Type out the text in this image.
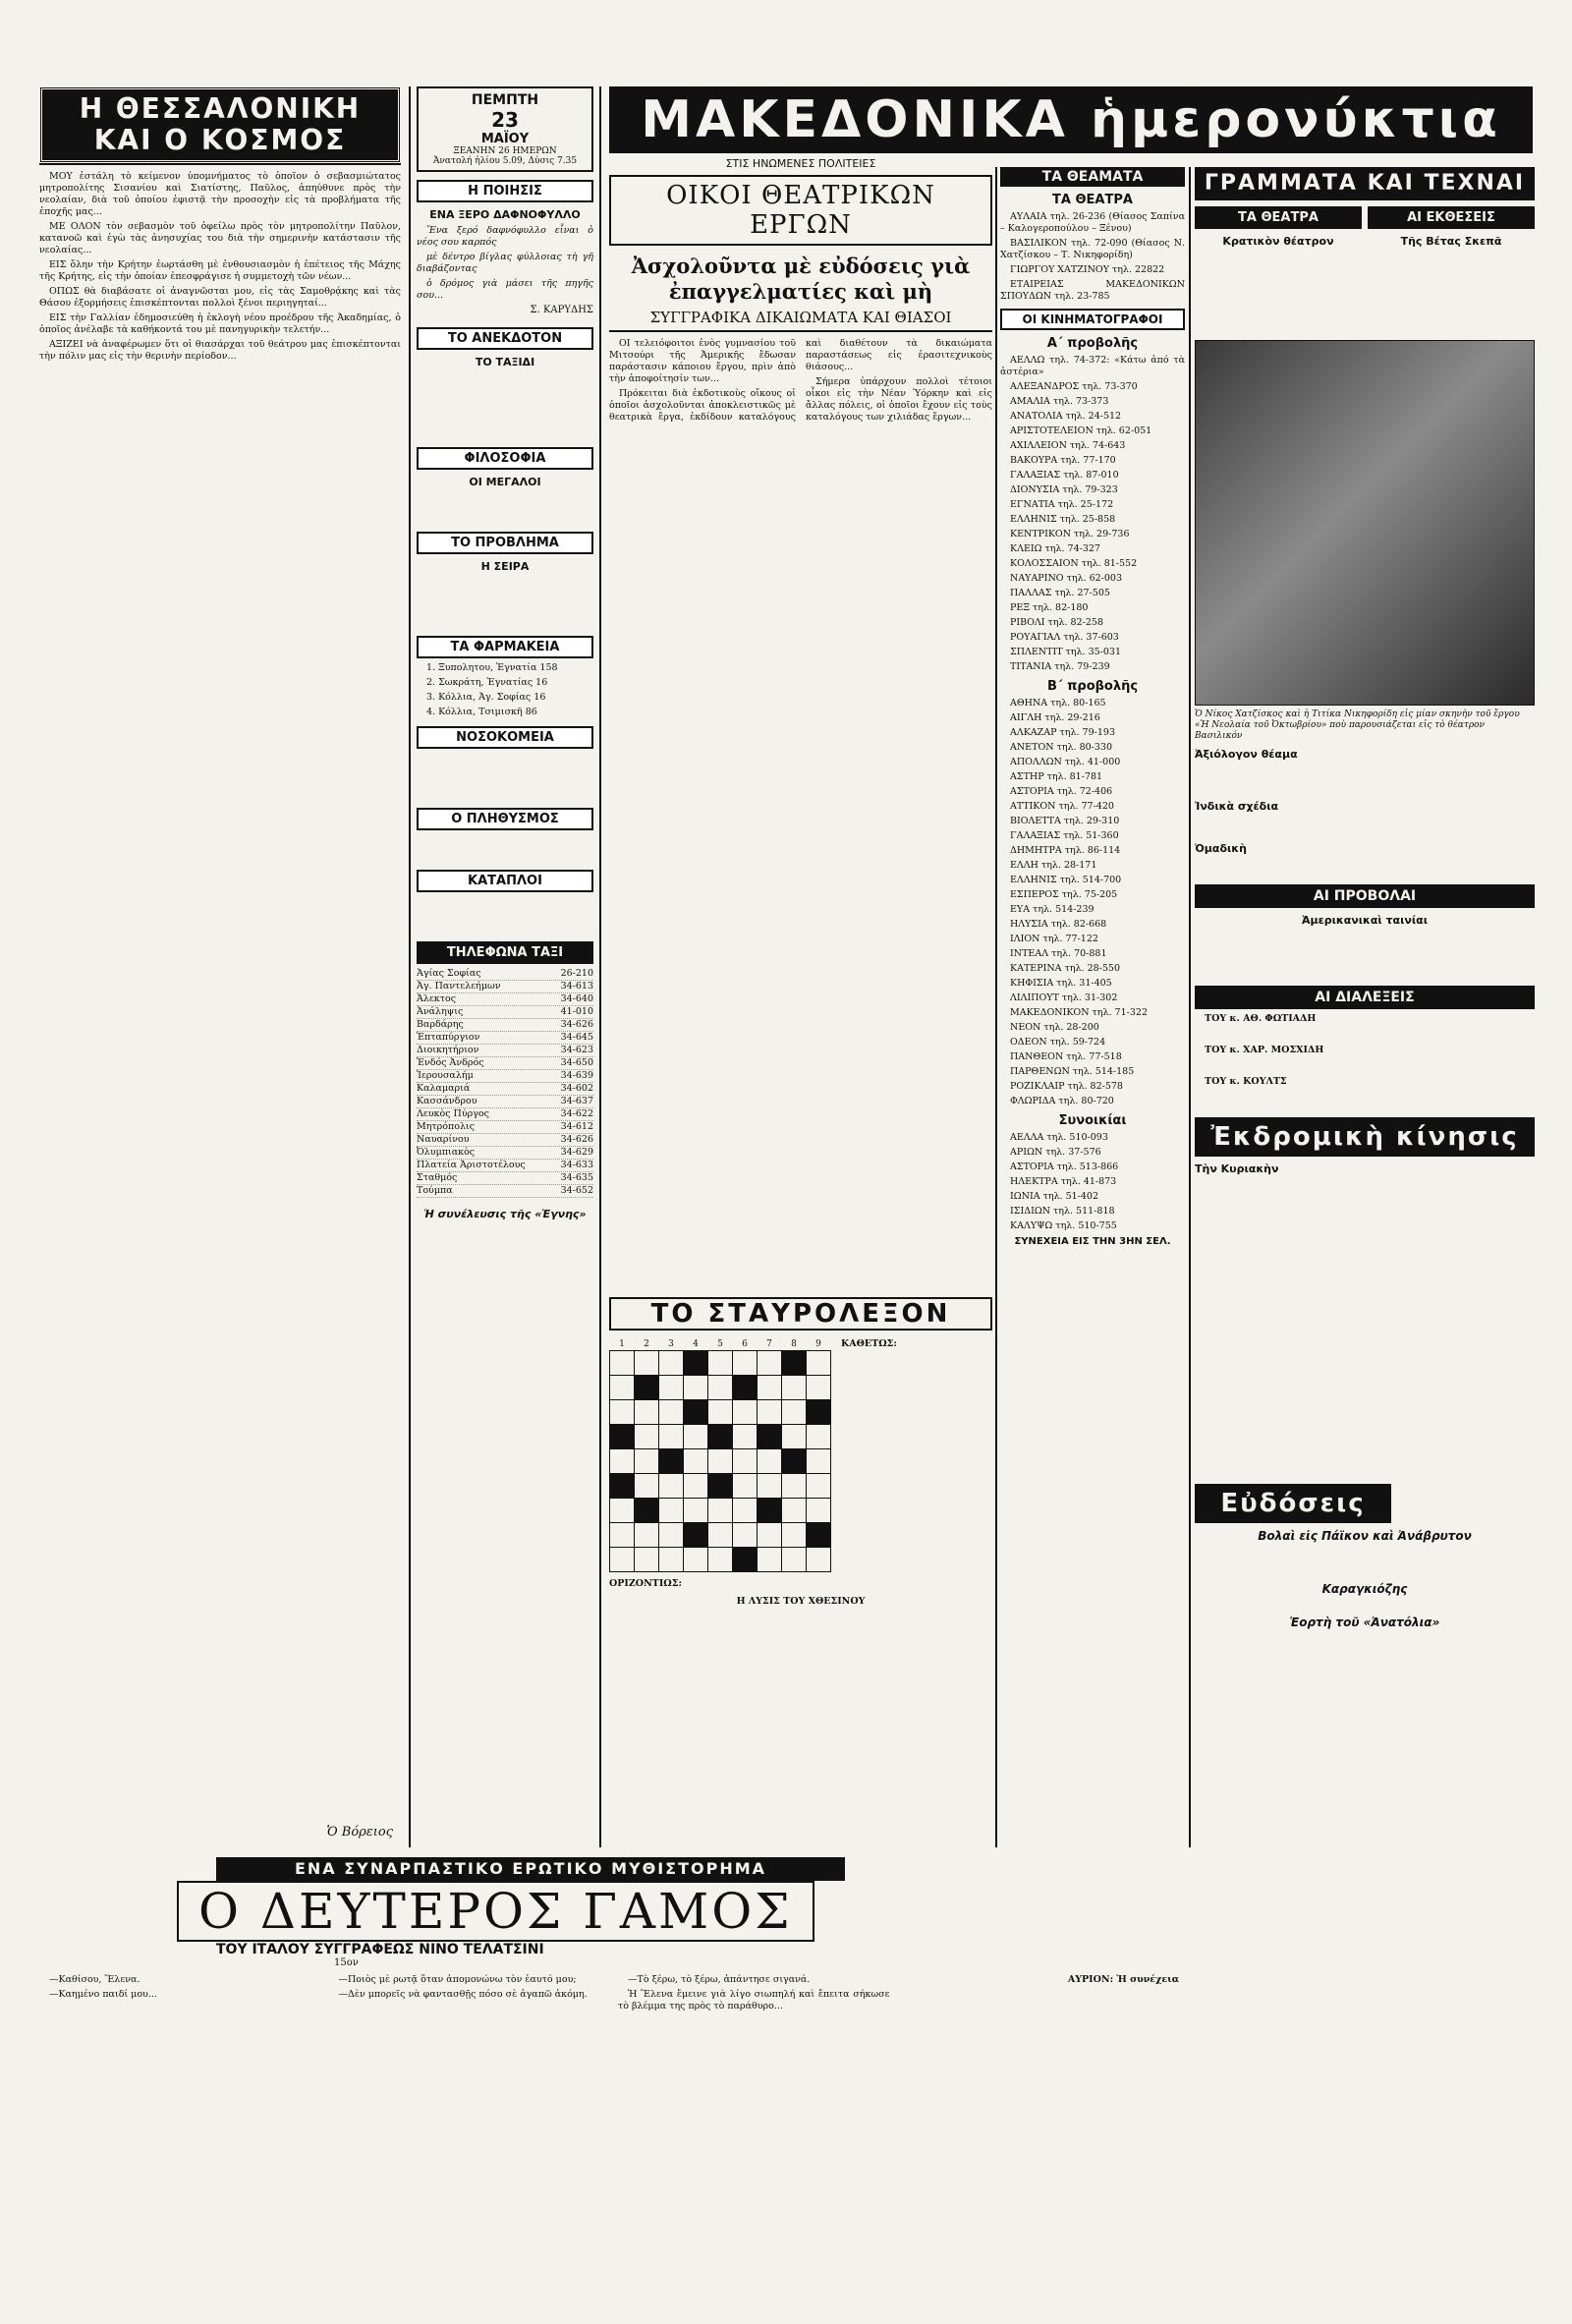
Η ΘΕΣΣΑΛΟΝΙΚΗ ΚΑΙ Ο ΚΟΣΜΟΣ

ΜΟΥ ἐστάλη τὸ κείμενον ὑπομνήματος τὸ ὁποῖον ὁ σεβασμιώτατος μητροπολίτης Σισανίου καὶ Σιατίστης, Παῦλος, ἀπηύθυνε πρὸς τὴν νεολαίαν, διὰ τοῦ ὁποίου ἐφιστᾷ τὴν προσοχὴν εἰς τὰ προβλήματα τῆς ἐποχῆς μας...

ΜΕ ΟΛΟΝ τὸν σεβασμὸν τοῦ ὀφείλω πρὸς τὸν μητροπολίτην Παῦλον, κατανοῶ καὶ ἐγὼ τὰς ἀνησυχίας του διὰ τὴν σημερινὴν κατάστασιν τῆς νεολαίας...

ΕΙΣ ὅλην τὴν Κρήτην ἑωρτάσθη μὲ ἐνθουσιασμὸν ἡ ἐπέτειος τῆς Μάχης τῆς Κρήτης, εἰς τὴν ὁποίαν ἐπεσφράγισε ἡ συμμετοχὴ τῶν νέων...

ΟΠΩΣ θὰ διαβάσατε οἱ ἀναγνῶσται μου, εἰς τὰς Σαμοθρᾴκης καὶ τὰς Θάσου ἐξορμήσεις ἐπισκέπτονται πολλοὶ ξένοι περιηγηταί...

ΕΙΣ τὴν Γαλλίαν ἐδημοσιεύθη ἡ ἐκλογὴ νέου προέδρου τῆς Ἀκαδημίας, ὁ ὁποῖος ἀνέλαβε τὰ καθήκοντά του μὲ πανηγυρικὴν τελετήν...

ΑΞΙΖΕΙ νὰ ἀναφέρωμεν ὅτι οἱ θιασάρχαι τοῦ θεάτρου μας ἐπισκέπτονται τὴν πόλιν μας εἰς τὴν θερινὴν περίοδον...

Ὁ Βόρειος
ΠΕΜΠΤΗ
23
ΜΑΪΟΥ
ΞΕΑΝΗΝ 26 ΗΜΕΡΩΝ
Ἀνατολή ἡλίου 5.09, Δύσις 7.35
Η ΠΟΙΗΣΙΣ
ΕΝΑ ΞΕΡΟ ΔΑΦΝΟΦΥΛΛΟ

Ἕνα ξερό δαφνόφυλλο εἶναι ὁ νέος σου καρπός

μὲ δέντρο βίγλας φύλλοιας τὴ γῆ διαβάζοντας

ὁ δρόμος γιὰ μάσει τῆς πηγῆς σου...

Σ. ΚΑΡΥΔΗΣ
ΤΟ ΑΝΕΚΔΟΤΟΝ
ΤΟ ΤΑΞΙΔΙ
ΦΙΛΟΣΟΦΙΑ
ΟΙ ΜΕΓΑΛΟΙ
ΤΟ ΠΡΟΒΛΗΜΑ
Η ΣΕΙΡΑ
ΤΑ ΦΑΡΜΑΚΕΙΑ

1. Ξυπολητου, Ἐγνατία 158

2. Σωκράτη, Ἐγνατίας 16

3. Κόλλια, Ἀγ. Σοφίας 16

4. Κόλλια, Τσιμισκῆ 86

ΝΟΣΟΚΟΜΕΙΑ
Ο ΠΛΗΘΥΣΜΟΣ
ΚΑΤΑΠΛΟΙ
ΤΗΛΕΦΩΝΑ ΤΑΞΙ
Ἁγίας Σοφίας	26-210
Ἀγ. Παντελεήμων	34-613
Ἀλεκτος	34-640
Ἀνάληψις	41-010
Βαρδάρης	34-626
Ἑπταπύργιον	34-645
Διοικητήριον	34-623
Ἑνδός Ἀνδρός	34-650
Ἰερουσαλήμ	34-639
Καλαμαριά	34-602
Κασσάνδρου	34-637
Λευκὸς Πύργος	34-622
Μητρόπολις	34-612
Ναυαρίνου	34-626
Ὀλυμπιακὸς	34-629
Πλατεία Ἀριστοτέλους	34-633
Σταθμός	34-635
Τούμπα	34-652
Ἡ συνέλευσις τῆς «Ἑγνης»
ΜΑΚΕΔΟΝΙΚΑ ἡμερονύκτια
ΣΤΙΣ ΗΝΩΜΕΝΕΣ ΠΟΛΙΤΕΙΕΣ
ΟΙΚΟΙ ΘΕΑΤΡΙΚΩΝ ΕΡΓΩΝ
Ἀσχολοῦντα μὲ εὐδόσεις γιὰ ἐπαγγελματίες καὶ μὴ
ΣΥΓΓΡΑΦΙΚΑ ΔΙΚΑΙΩΜΑΤΑ ΚΑΙ ΘΙΑΣΟΙ

ΟΙ τελειόφοιτοι ἑνὸς γυμνασίου τοῦ Μιτσούρι τῆς Ἀμερικῆς ἔδωσαν παράστασιν κάποιου ἔργου, πρὶν ἀπὸ τὴν ἀποφοίτησίν των...

Πρόκειται διὰ ἐκδοτικοὺς οἴκους οἱ ὁποῖοι ἀσχολοῦνται ἀποκλειστικῶς μὲ θεατρικὰ ἔργα, ἐκδίδουν καταλόγους καὶ διαθέτουν τὰ δικαιώματα παραστάσεως εἰς ἐρασιτεχνικοὺς θιάσους...

Σήμερα ὑπάρχουν πολλοὶ τέτοιοι οἶκοι εἰς τὴν Νέαν Ὑόρκην καὶ εἰς ἄλλας πόλεις, οἱ ὁποῖοι ἔχουν εἰς τοὺς καταλόγους των χιλιάδας ἔργων...

ΤΟ ΣΤΑΥΡΟΛΕΞΟΝ
1	2	3	4	5	6	7	8	9

								ΚΑΘΕΤΩΣ:
ΟΡΙΖΟΝΤΙΩΣ:
Η ΛΥΣΙΣ ΤΟΥ ΧΘΕΣΙΝΟΥ
ΤΑ ΘΕΑΜΑΤΑ
ΤΑ ΘΕΑΤΡΑ

ΑΥΛΑΙΑ τηλ. 26-236 (Θίασος Σαπίνα – Καλογεροπούλου – Ξένου)

ΒΑΣΙΛΙΚΟΝ τηλ. 72-090 (Θίασος Ν. Χατζίσκου – Τ. Νικηφορίδη)

ΓΙΩΡΓΟΥ ΧΑΤΖΙΝΟΥ τηλ. 22822

ΕΤΑΙΡΕΙΑΣ ΜΑΚΕΔΟΝΙΚΩΝ ΣΠΟΥΔΩΝ τηλ. 23-785

ΟΙ ΚΙΝΗΜΑΤΟΓΡΑΦΟΙ
Α΄ προβολῆς

ΑΕΛΛΩ τηλ. 74-372: «Κάτω ἀπό τὰ ἀστέρια»

ΑΛΕΞΑΝΔΡΟΣ τηλ. 73-370

ΑΜΑΛΙΑ τηλ. 73-373

ΑΝΑΤΟΛΙΑ τηλ. 24-512

ΑΡΙΣΤΟΤΕΛΕΙΟΝ τηλ. 62-051

ΑΧΙΛΛΕΙΟΝ τηλ. 74-643

ΒΑΚΟΥΡΑ τηλ. 77-170

ΓΑΛΑΞΙΑΣ τηλ. 87-010

ΔΙΟΝΥΣΙΑ τηλ. 79-323

ΕΓΝΑΤΙΑ τηλ. 25-172

ΕΛΛΗΝΙΣ τηλ. 25-858

ΚΕΝΤΡΙΚΟΝ τηλ. 29-736

ΚΛΕΙΩ τηλ. 74-327

ΚΟΛΟΣΣΑΙΟΝ τηλ. 81-552

ΝΑΥΑΡΙΝΟ τηλ. 62-003

ΠΑΛΛΑΣ τηλ. 27-505

ΡΕΞ τηλ. 82-180

ΡΙΒΟΛΙ τηλ. 82-258

ΡΟΥΑΓΙΑΛ τηλ. 37-603

ΣΠΛΕΝΤΙΤ τηλ. 35-031

ΤΙΤΑΝΙΑ τηλ. 79-239

Β΄ προβολῆς

ΑΘΗΝΑ τηλ. 80-165

ΑΙΓΛΗ τηλ. 29-216

ΑΛΚΑΖΑΡ τηλ. 79-193

ΑΝΕΤΟΝ τηλ. 80-330

ΑΠΟΛΛΩΝ τηλ. 41-000

ΑΣΤΗΡ τηλ. 81-781

ΑΣΤΟΡΙΑ τηλ. 72-406

ΑΤΤΙΚΟΝ τηλ. 77-420

ΒΙΟΛΕΤΤΑ τηλ. 29-310

ΓΑΛΑΞΙΑΣ τηλ. 51-360

ΔΗΜΗΤΡΑ τηλ. 86-114

ΕΛΛΗ τηλ. 28-171

ΕΛΛΗΝΙΣ τηλ. 514-700

ΕΣΠΕΡΟΣ τηλ. 75-205

ΕΥΑ τηλ. 514-239

ΗΛΥΣΙΑ τηλ. 82-668

ΙΛΙΟΝ τηλ. 77-122

ΙΝΤΕΑΛ τηλ. 70-881

ΚΑΤΕΡΙΝΑ τηλ. 28-550

ΚΗΦΙΣΙΑ τηλ. 31-405

ΛΙΛΙΠΟΥΤ τηλ. 31-302

ΜΑΚΕΔΟΝΙΚΟΝ τηλ. 71-322

ΝΕΟΝ τηλ. 28-200

ΟΔΕΟΝ τηλ. 59-724

ΠΑΝΘΕΟΝ τηλ. 77-518

ΠΑΡΘΕΝΩΝ τηλ. 514-185

ΡΟΖΙΚΛΑΙΡ τηλ. 82-578

ΦΛΩΡΙΔΑ τηλ. 80-720

Συνοικίαι

ΑΕΛΛΑ τηλ. 510-093

ΑΡΙΩΝ τηλ. 37-576

ΑΣΤΟΡΙΑ τηλ. 513-866

ΗΛΕΚΤΡΑ τηλ. 41-873

ΙΩΝΙΑ τηλ. 51-402

ΙΣΙΔΙΩΝ τηλ. 511-818

ΚΑΛΥΨΩ τηλ. 510-755

ΣΥΝΕΧΕΙΑ ΕΙΣ ΤΗΝ 3ΗΝ ΣΕΛ.
ΓΡΑΜΜΑΤΑ ΚΑΙ ΤΕΧΝΑΙ
ΤΑ ΘΕΑΤΡΑ	ΑΙ ΕΚΘΕΣΕΙΣ
Κρατικὸν θέατρον	Τῆς Βέτας Σκεπᾶ
Ὁ Νίκος Χατζίσκος καὶ ἡ Τιτίκα Νικηφορίδη εἰς μίαν σκηνὴν τοῦ ἔργου «Ἡ Νεολαία τοῦ Ὀκτωβρίου» ποὺ παρουσιάζεται εἰς τὸ θέατρον Βασιλικόν
Ἀξιόλογον θέαμα
Ἰνδικὰ σχέδια
Ὀμαδικὴ
ΑΙ ΠΡΟΒΟΛΑΙ
Ἀμερικανικαὶ ταινίαι
ΑΙ ΔΙΑΛΕΞΕΙΣ

ΤΟΥ κ. ΑΘ. ΦΩΤΙΑΔΗ

ΤΟΥ κ. ΧΑΡ. ΜΟΣΧΙΔΗ

ΤΟΥ κ. ΚΟΥΛΤΣ

Ἐκδρομικὴ κίνησις
Τὴν Κυριακὴν
Εὐδόσεις
Βολαὶ εἰς Πάϊκον καὶ Ἀνάβρυτον
Καραγκιόζης
Ἑορτὴ τοῦ «Ἀνατόλια»
ΕΝΑ ΣΥΝΑΡΠΑΣΤΙΚΟ ΕΡΩΤΙΚΟ ΜΥΘΙΣΤΟΡΗΜΑ
Ο ΔΕΥΤΕΡΟΣ ΓΑΜΟΣ
ΤΟΥ ΙΤΑΛΟΥ ΣΥΓΓΡΑΦΕΩΣ ΝΙΝΟ ΤΕΛΑΤΣΙΝΙ
15ον

—Καθίσου, Ἕλενα.

—Καημένο παιδί μου...

—Ποιὸς μὲ ρωτᾷ ὅταν ἀπομονώνω τὸν ἑαυτό μου;

—Δὲν μπορεῖς νὰ φαντασθῇς πόσο σὲ ἀγαπῶ ἀκόμη.

—Τὸ ξέρω, τὸ ξέρω, ἀπάντησε σιγανά.

Ἡ Ἕλενα ἔμεινε γιὰ λίγο σιωπηλή καὶ ἔπειτα σήκωσε τὸ βλέμμα της πρὸς τὸ παράθυρο...

ΑΥΡΙΟΝ: Ἡ συνέχεια
